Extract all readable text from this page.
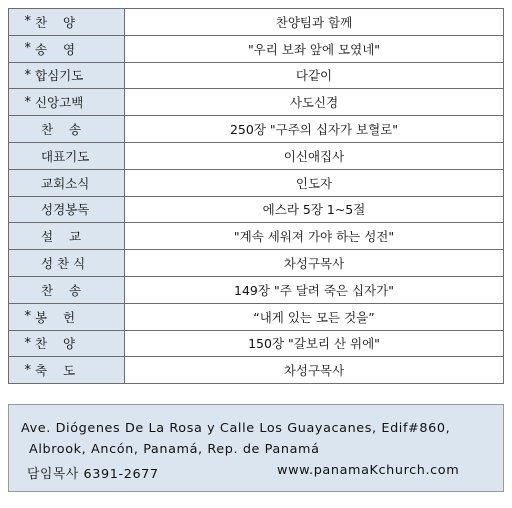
* 찬    양	찬양팀과 함께

* 송    영	"우리 보좌 앞에 모였네"

* 합심기도	다같이

* 신앙고백	사도신경

찬    송	250장 "구주의 십자가 보혈로"

대표기도	이신애집사

교회소식	인도자

성경봉독	에스라 5장 1~5절

설    교	"계속 세워져 가야 하는 성전"

성 찬 식	차성구목사

찬    송	149장 "주 달려 죽은 십자가"

* 봉    헌	“내게 있는 모든 것을”

* 찬    양	150장 "갈보리 산 위에"

* 축    도	차성구목사
Ave. Diógenes De La Rosa y Calle Los Guayacanes, Edif#860,
Albrook, Ancón, Panamá, Rep. de Panamá
담임목사 6391-2677	www.panamaKchurch.com
